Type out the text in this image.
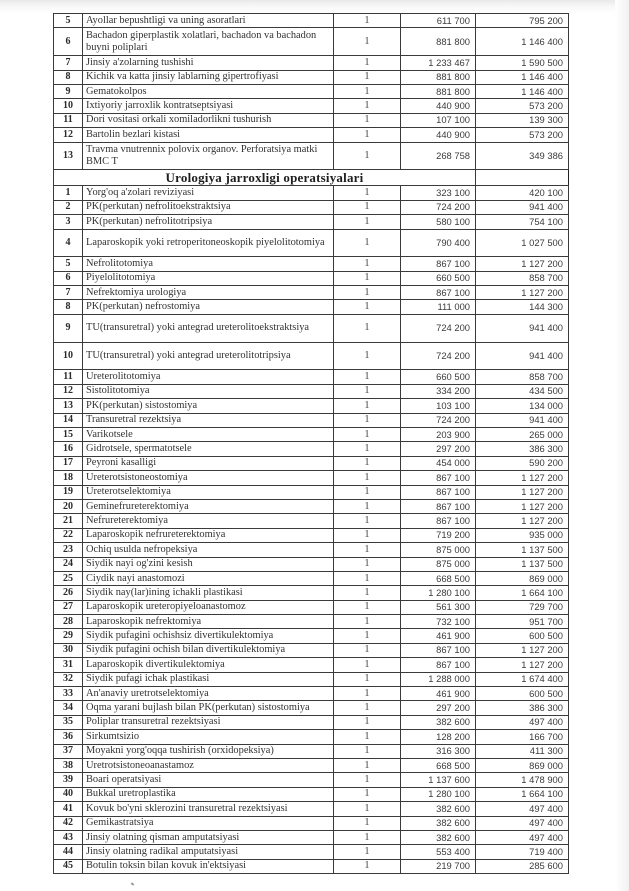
5	Ayollar bepushtligi va uning asoratlari	1	611 700	795 200
6	Bachadon giperplastik xolatlari, bachadon va bachadon buyni poliplari	1	881 800	1 146 400
7	Jinsiy a'zolarning tushishi	1	1 233 467	1 590 500
8	Kichik va katta jinsiy lablarning gipertrofiyasi	1	881 800	1 146 400
9	Gematokolpos	1	881 800	1 146 400
10	Ixtiyoriy jarroxlik kontratseptsiyasi	1	440 900	573 200
11	Dori vositasi orkali xomiladorlikni tushurish	1	107 100	139 300
12	Bartolin bezlari kistasi	1	440 900	573 200
13	Travma vnutrennix polovix organov. Perforatsiya matki BMC T	1	268 758	349 386
Urologiya jarroxligi operatsiyalari				
1	Yorg'oq a'zolari reviziyasi	1	323 100	420 100
2	PK(perkutan) nefrolitoekstraktsiya	1	724 200	941 400
3	PK(perkutan) nefrolitotripsiya	1	580 100	754 100
4	Laparoskopik yoki retroperitoneoskopik piyelolitotomiya	1	790 400	1 027 500
5	Nefrolitotomiya	1	867 100	1 127 200
6	Piyelolitotomiya	1	660 500	858 700
7	Nefrektomiya urologiya	1	867 100	1 127 200
8	PK(perkutan) nefrostomiya	1	111 000	144 300
9	TU(transuretral) yoki antegrad ureterolitoekstraktsiya	1	724 200	941 400
10	TU(transuretral) yoki antegrad ureterolitotripsiya	1	724 200	941 400
11	Ureterolitotomiya	1	660 500	858 700
12	Sistolitotomiya	1	334 200	434 500
13	PK(perkutan) sistostomiya	1	103 100	134 000
14	Transuretral rezektsiya	1	724 200	941 400
15	Varikotsele	1	203 900	265 000
16	Gidrotsele, spermatotsele	1	297 200	386 300
17	Peyroni kasalligi	1	454 000	590 200
18	Ureterotsistoneostomiya	1	867 100	1 127 200
19	Ureterotselektomiya	1	867 100	1 127 200
20	Geminefrureterektomiya	1	867 100	1 127 200
21	Nefrureterektomiya	1	867 100	1 127 200
22	Laparoskopik nefrureterektomiya	1	719 200	935 000
23	Ochiq usulda nefropeksiya	1	875 000	1 137 500
24	Siydik nayi og'zini kesish	1	875 000	1 137 500
25	Ciydik nayi anastomozi	1	668 500	869 000
26	Siydik nay(lar)ining ichakli plastikasi	1	1 280 100	1 664 100
27	Laparoskopik ureteropiyeloanastomoz	1	561 300	729 700
28	Laparoskopik nefrektomiya	1	732 100	951 700
29	Siydik pufagini ochishsiz divertikulektomiya	1	461 900	600 500
30	Siydik pufagini ochish bilan divertikulektomiya	1	867 100	1 127 200
31	Laparoskopik divertikulektomiya	1	867 100	1 127 200
32	Siydik pufagi ichak plastikasi	1	1 288 000	1 674 400
33	An'anaviy uretrotselektomiya	1	461 900	600 500
34	Oqma yarani bujlash bilan PK(perkutan) sistostomiya	1	297 200	386 300
35	Poliplar transuretral rezektsiyasi	1	382 600	497 400
36	Sirkumtsizio	1	128 200	166 700
37	Moyakni yorg'oqqa tushirish (orxidopeksiya)	1	316 300	411 300
38	Uretrotsistoneoanastamoz	1	668 500	869 000
39	Boari operatsiyasi	1	1 137 600	1 478 900
40	Bukkal uretroplastika	1	1 280 100	1 664 100
41	Kovuk bo'yni sklerozini transuretral rezektsiyasi	1	382 600	497 400
42	Gemikastratsiya	1	382 600	497 400
43	Jinsiy olatning qisman amputatsiyasi	1	382 600	497 400
44	Jinsiy olatning radikal amputatsiyasi	1	553 400	719 400
45	Botulin toksin bilan kovuk in'ektsiyasi	1	219 700	285 600
